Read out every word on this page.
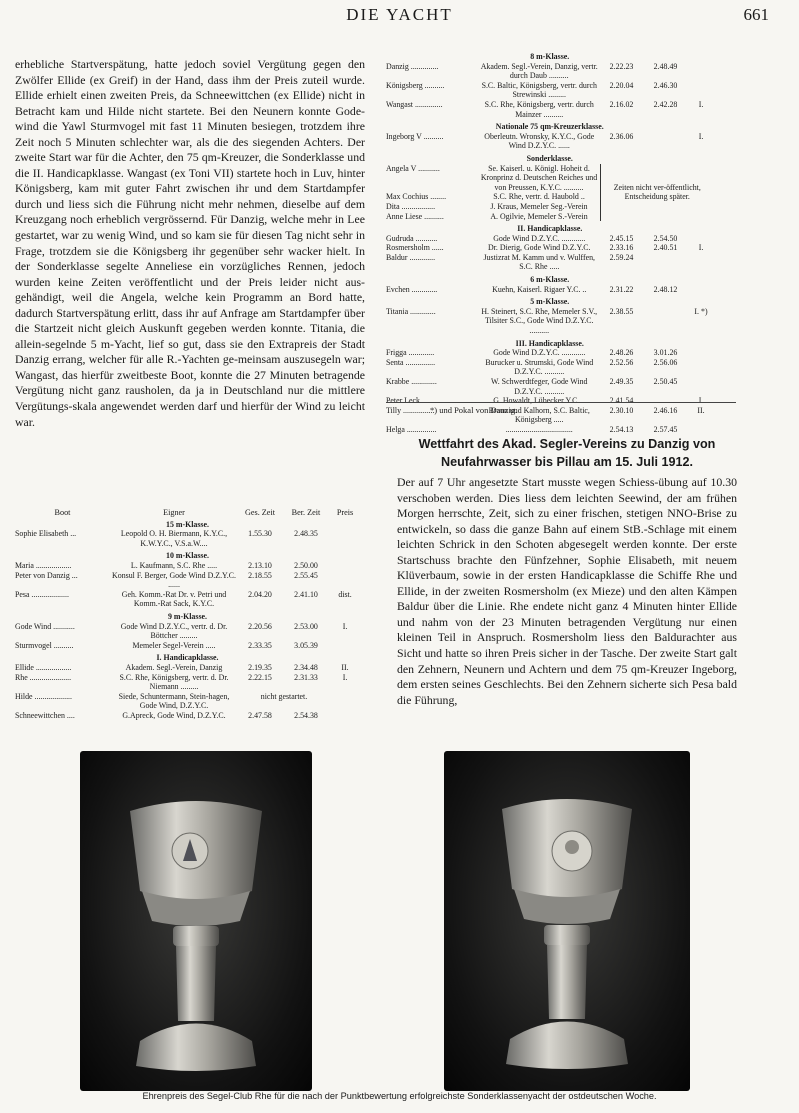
DIE YACHT	661
erhebliche Startverspätung, hatte jedoch soviel Vergütung gegen den Zwölfer Ellide (ex Greif) in der Hand, dass ihm der Preis zuteil wurde. Ellide erhielt einen zweiten Preis, da Schneewittchen (ex Ellide) nicht in Betracht kam und Hilde nicht startete. Bei den Neunern konnte Gode-wind die Yawl Sturmvogel mit fast 11 Minuten besiegen, trotzdem ihre Zeit noch 5 Minuten schlechter war, als die des siegenden Achters. Der zweite Start war für die Achter, den 75 qm-Kreuzer, die Sonderklasse und die II. Handicapklasse. Wangast (ex Toni VII) startete hoch in Luv, hinter Königsberg, kam mit guter Fahrt zwischen ihr und dem Startdampfer durch und liess sich die Führung nicht mehr nehmen, dieselbe auf dem Kreuzgang noch erheblich vergrössernd. Für Danzig, welche mehr in Lee gestartet, war zu wenig Wind, und so kam sie für diesen Tag nicht sehr in Frage, trotzdem sie die Königsberg ihr gegenüber sehr wacker hielt. In der Sonderklasse segelte Anneliese ein vorzügliches Rennen, jedoch wurden keine Zeiten veröffentlicht und der Preis leider nicht aus-gehändigt, weil die Angela, welche kein Programm an Bord hatte, dadurch Startverspätung erlitt, dass ihr auf Anfrage am Startdampfer über die Startzeit nicht gleich Auskunft gegeben werden konnte. Titania, die allein-segelnde 5 m-Yacht, lief so gut, dass sie den Extrapreis der Stadt Danzig errang, welcher für alle R.-Yachten ge-meinsam auszusegeln war; Wangast, das hierfür zweitbeste Boot, konnte die 27 Minuten betragende Vergütung nicht ganz rausholen, da ja in Deutschland nur die mittlere Vergütungs-skala angewendet werden darf und hierfür der Wind zu leicht war.
Boot	Eigner	Ges. Zeit	Ber. Zeit	Preis
15 m-Klasse.				
Sophie Elisabeth ...	Leopold O. H. Biermann, K.Y.C., K.W.Y.C., V.S.a.W....	1.55.30	2.48.35	
10 m-Klasse.				
Maria ..................	L. Kaufmann, S.C. Rhe .....	2.13.10	2.50.00	
Peter von Danzig ...	Konsul F. Berger, Gode Wind D.Z.Y.C. ......	2.18.55	2.55.45	
Pesa ...................	Geh. Komm.-Rat Dr. v. Petri und Komm.-Rat Sack, K.Y.C.	2.04.20	2.41.10	dist.
9 m-Klasse.				
Gode Wind ...........	Gode Wind D.Z.Y.C., vertr. d. Dr. Böttcher .........	2.20.56	2.53.00	I.
Sturmvogel ..........	Memeler Segel-Verein .....	2.33.35	3.05.39	
I. Handicapklasse.				
Ellide ..................	Akadem. Segl.-Verein, Danzig	2.19.35	2.34.48	II.
Rhe .....................	S.C. Rhe, Königsberg, vertr. d. Dr. Niemann .........	2.22.15	2.31.33	I.
Hilde ...................	Siede, Schuntermann, Stein-hagen, Gode Wind, D.Z.Y.C.	nicht gestartet.		
Schneewittchen ....	G.Apreck, Gode Wind, D.Z.Y.C.	2.47.58	2.54.38	
8 m-Klasse.				
Danzig ..............	Akadem. Segl.-Verein, Danzig, vertr. durch Daub ..........	2.22.23	2.48.49	
Königsberg ..........	S.C. Baltic, Königsberg, vertr. durch Strewinski .........	2.20.04	2.46.30	
Wangast ..............	S.C. Rhe, Königsberg, vertr. durch Mainzer ..........	2.16.02	2.42.28	I.
Nationale 75 qm-Kreuzerklasse.				
Ingeborg V ..........	Oberleutn. Wronsky, K.Y.C., Gode Wind D.Z.Y.C. ......	2.36.06		I.
Sonderklasse.				
Angela V ...........	Se. Kaiserl. u. Königl. Hoheit d. Kronprinz d. Deutschen Reiches und von Preussen, K.Y.C. ..........	Zeiten nicht ver-öffentlicht, Entscheidung später.		
Max Cochius ........	S.C. Rhe, vertr. d. Haubold ..			
Dita .................	J. Kraus, Memeler Seg.-Verein			
Anne Liese ..........	A. Ogilvie, Memeler S.-Verein			
II. Handicapklasse.				
Gudruda ...........	Gode Wind D.Z.Y.C. ............	2.45.15	2.54.50	
Rosmersholm ......	Dr. Dierig, Gode Wind D.Z.Y.C.	2.33.16	2.40.51	I.
Baldur .............	Justizrat M. Kamm und v. Wulffen, S.C. Rhe .....	2.59.24		
6 m-Klasse.				
Evchen .............	Kuehn, Kaiserl. Rigaer Y.C. ..	2.31.22	2.48.12	
5 m-Klasse.				
Titania .............	H. Steinert, S.C. Rhe, Memeler S.V., Tilsiter S.C., Gode Wind D.Z.Y.C. ..........	2.38.55		I. *)
III. Handicapklasse.				
Frigga .............	Gode Wind D.Z.Y.C. ............	2.48.26	3.01.26	
Senta ...............	Burucker u. Strumski, Gode Wind D.Z.Y.C. ..........	2.52.56	2.56.06	
Krabbe .............	W. Schwerdtfeger, Gode Wind D.Z.Y.C. ..........	2.49.35	2.50.45	
Peter Leck .........	G. Howaldt, Lübecker Y.C. ..	2.41.54		I.
Tilly ................	Braun und Kalhorn, S.C. Baltic, Königsberg .....	2.30.10	2.46.16	II.
Helga ...............	..................................	2.54.13	2.57.45	
*) und Pokal von Danzig.
Wettfahrt des Akad. Segler-Vereins zu Danzig von Neufahrwasser bis Pillau am 15. Juli 1912.
Der auf 7 Uhr angesetzte Start musste wegen Schiess-übung auf 10.30 verschoben werden. Dies liess dem leichten Seewind, der am frühen Morgen herrschte, Zeit, sich zu einer frischen, stetigen NNO-Brise zu entwickeln, so dass die ganze Bahn auf einem StB.-Schlage mit einem leichten Schrick in den Schoten abgesegelt werden konnte. Der erste Startschuss brachte den Fünfzehner, Sophie Elisabeth, mit neuem Klüverbaum, sowie in der ersten Handicapklasse die Schiffe Rhe und Ellide, in der zweiten Rosmersholm (ex Mieze) und den alten Kämpen Baldur über die Linie. Rhe endete nicht ganz 4 Minuten hinter Ellide und nahm von der 23 Minuten betragenden Vergütung nur einen kleinen Teil in Anspruch. Rosmersholm liess den Baldurachter aus Sicht und hatte so ihren Preis sicher in der Tasche. Der zweite Start galt den Zehnern, Neunern und Achtern und dem 75 qm-Kreuzer Ingeborg, dem ersten seines Geschlechts. Bei den Zehnern sicherte sich Pesa bald die Führung,
Ehrenpreis des Segel-Club Rhe für die nach der Punktbewertung erfolgreichste Sonderklassenyacht der ostdeutschen Woche.
